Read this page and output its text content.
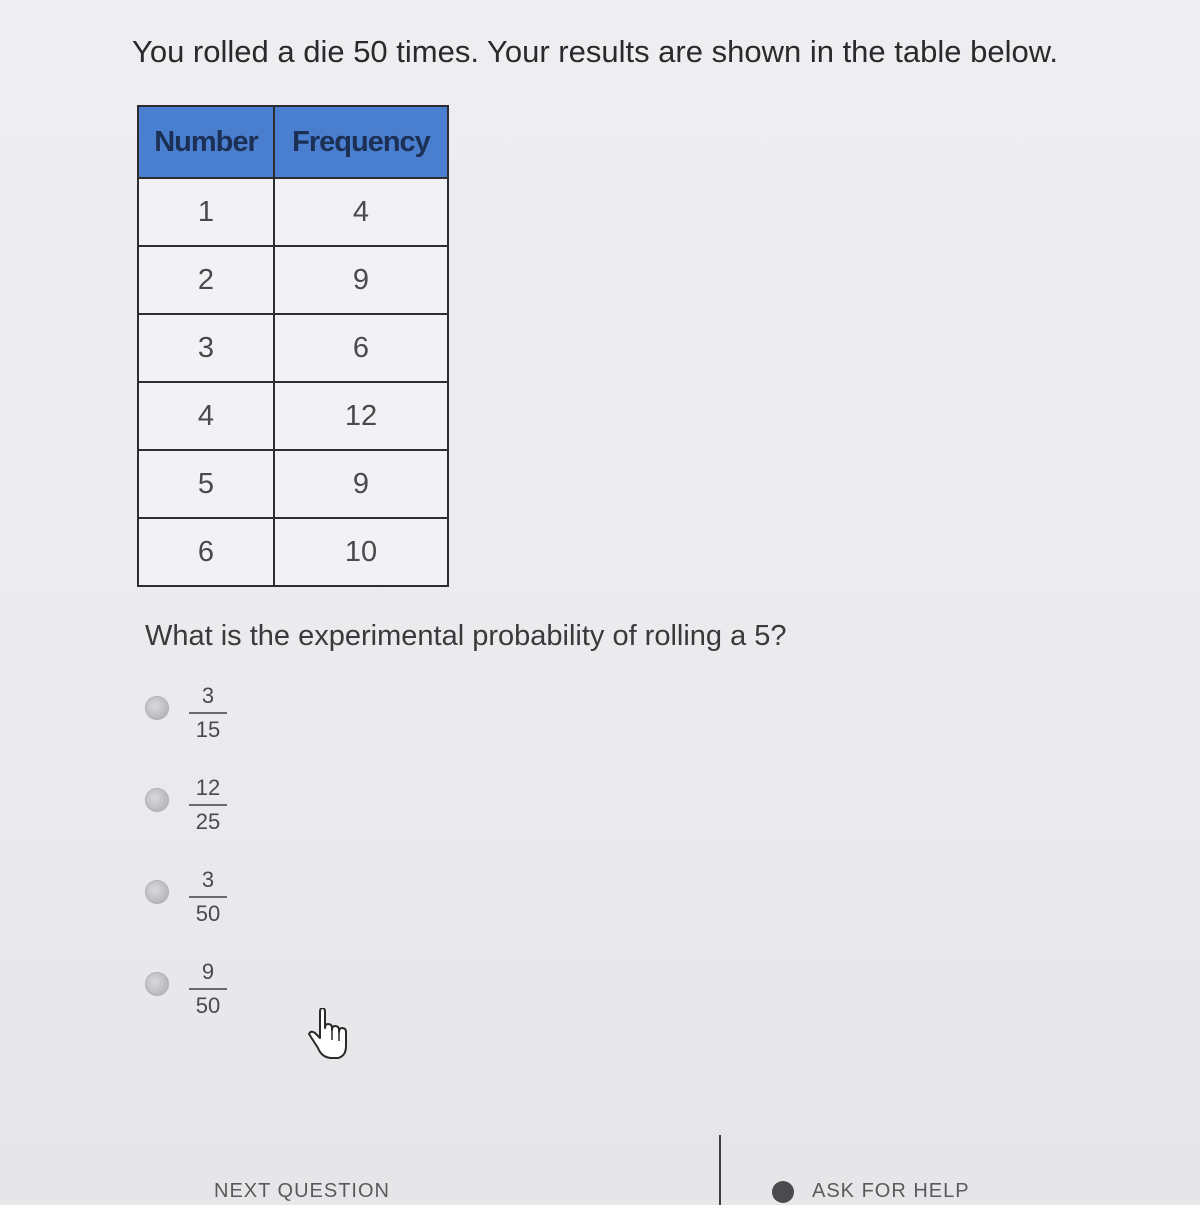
You rolled a die 50 times. Your results are shown in the table below.
Number	Frequency
1	4
2	9
3	6
4	12
5	9
6	10
What is the experimental probability of rolling a 5?
3
15
12
25
3
50
9
50
NEXT QUESTION	ASK FOR HELP
